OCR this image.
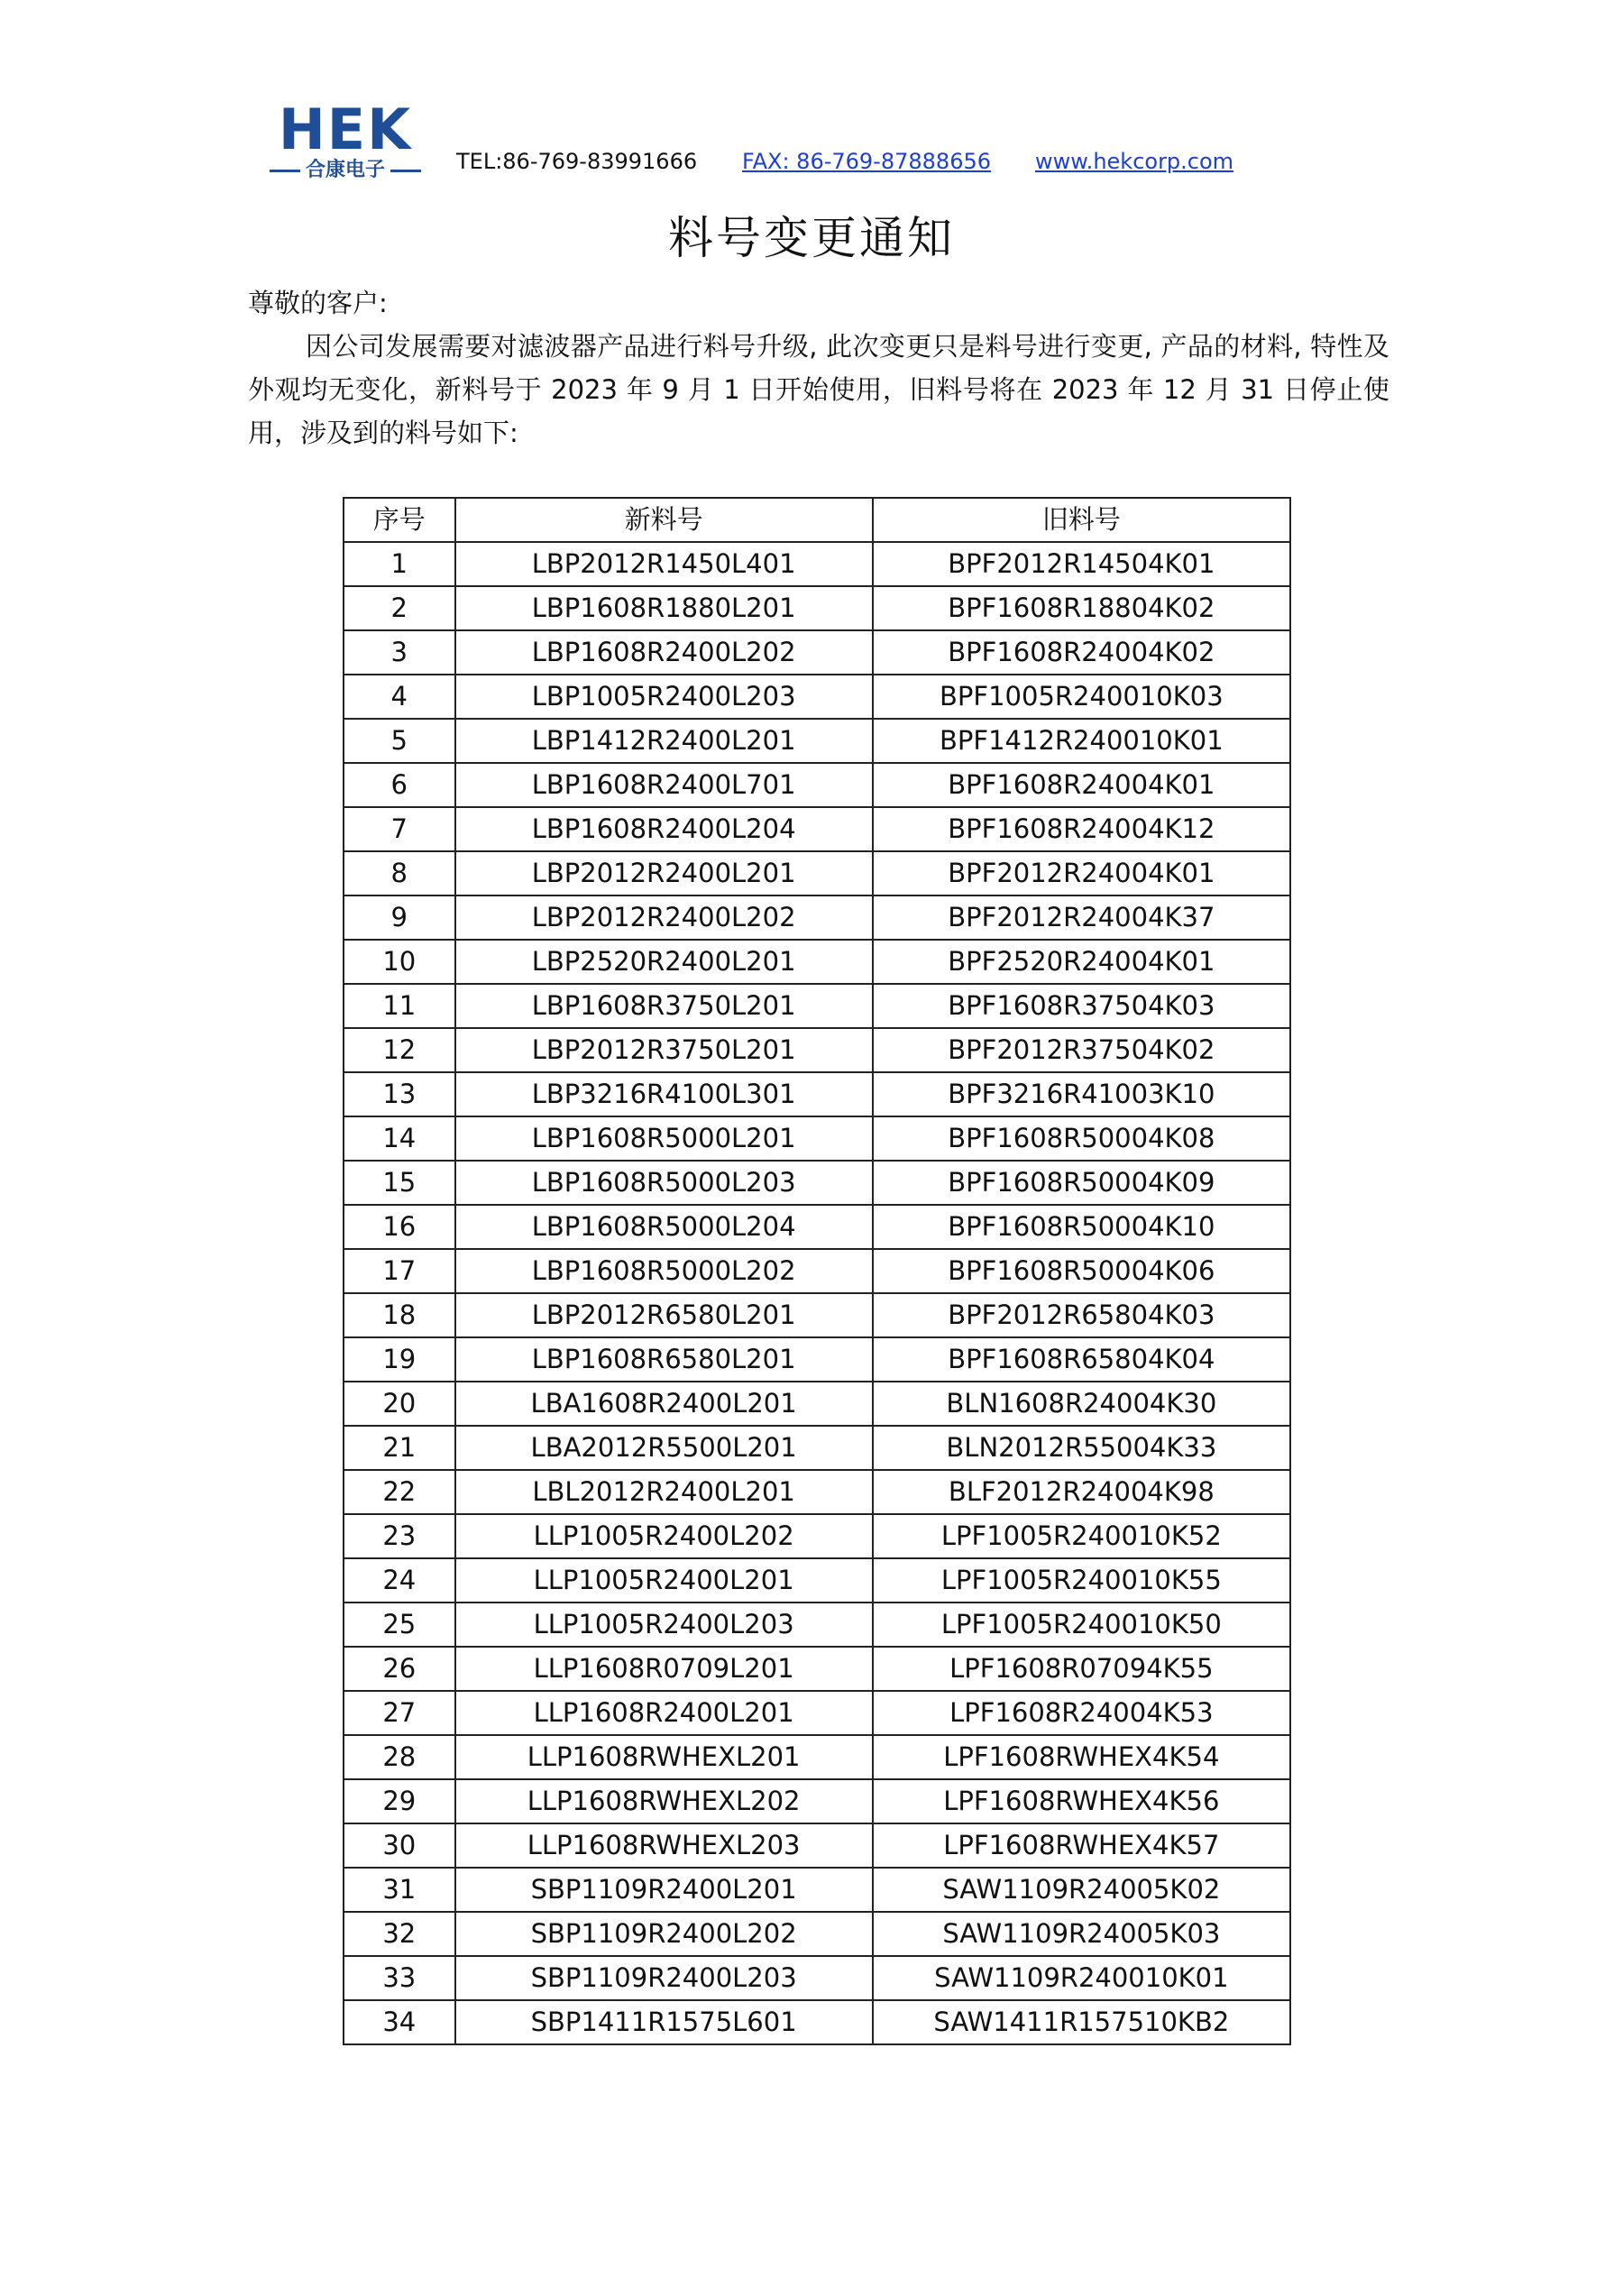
HEK
合康电子	TEL:86-769-83991666 FAX: 86-769-87888656 www.hekcorp.com
料号变更通知
尊敬的客户:
因公司发展需要对滤波器产品进行料号升级, 此次变更只是料号进行变更, 产品的材料, 特性及外观均无变化，新料号于 2023 年 9 月 1 日开始使用，旧料号将在 2023 年 12 月 31 日停止使用，涉及到的料号如下:
序号	新料号	旧料号
1	LBP2012R1450L401	BPF2012R14504K01
2	LBP1608R1880L201	BPF1608R18804K02
3	LBP1608R2400L202	BPF1608R24004K02
4	LBP1005R2400L203	BPF1005R240010K03
5	LBP1412R2400L201	BPF1412R240010K01
6	LBP1608R2400L701	BPF1608R24004K01
7	LBP1608R2400L204	BPF1608R24004K12
8	LBP2012R2400L201	BPF2012R24004K01
9	LBP2012R2400L202	BPF2012R24004K37
10	LBP2520R2400L201	BPF2520R24004K01
11	LBP1608R3750L201	BPF1608R37504K03
12	LBP2012R3750L201	BPF2012R37504K02
13	LBP3216R4100L301	BPF3216R41003K10
14	LBP1608R5000L201	BPF1608R50004K08
15	LBP1608R5000L203	BPF1608R50004K09
16	LBP1608R5000L204	BPF1608R50004K10
17	LBP1608R5000L202	BPF1608R50004K06
18	LBP2012R6580L201	BPF2012R65804K03
19	LBP1608R6580L201	BPF1608R65804K04
20	LBA1608R2400L201	BLN1608R24004K30
21	LBA2012R5500L201	BLN2012R55004K33
22	LBL2012R2400L201	BLF2012R24004K98
23	LLP1005R2400L202	LPF1005R240010K52
24	LLP1005R2400L201	LPF1005R240010K55
25	LLP1005R2400L203	LPF1005R240010K50
26	LLP1608R0709L201	LPF1608R07094K55
27	LLP1608R2400L201	LPF1608R24004K53
28	LLP1608RWHEXL201	LPF1608RWHEX4K54
29	LLP1608RWHEXL202	LPF1608RWHEX4K56
30	LLP1608RWHEXL203	LPF1608RWHEX4K57
31	SBP1109R2400L201	SAW1109R24005K02
32	SBP1109R2400L202	SAW1109R24005K03
33	SBP1109R2400L203	SAW1109R240010K01
34	SBP1411R1575L601	SAW1411R157510KB2
